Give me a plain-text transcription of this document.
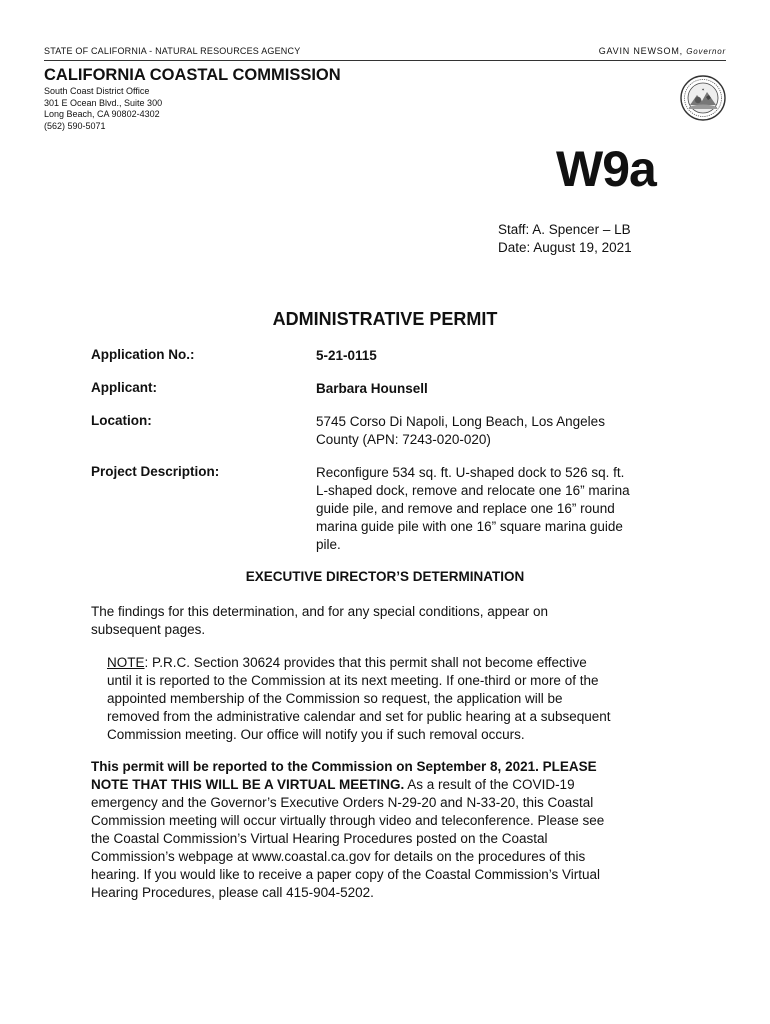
STATE OF CALIFORNIA - NATURAL RESOURCES AGENCY	GAVIN NEWSOM, Governor
CALIFORNIA COASTAL COMMISSION
South Coast District Office
301 E Ocean Blvd., Suite 300
Long Beach, CA 90802-4302
(562) 590-5071
✶
W9a
Staff: A. Spencer – LB
Date: August 19, 2021
ADMINISTRATIVE PERMIT
Application No.:	5-21-0115
Applicant:	Barbara Hounsell
Location:	5745 Corso Di Napoli, Long Beach, Los Angeles
County (APN: 7243-020-020)
Project Description:	Reconfigure 534 sq. ft. U-shaped dock to 526 sq. ft.
L-shaped dock, remove and relocate one 16” marina
guide pile, and remove and replace one 16” round
marina guide pile with one 16” square marina guide
pile.
EXECUTIVE DIRECTOR’S DETERMINATION
The findings for this determination, and for any special conditions, appear on
subsequent pages.
NOTE: P.R.C. Section 30624 provides that this permit shall not become effective
until it is reported to the Commission at its next meeting. If one-third or more of the
appointed membership of the Commission so request, the application will be
removed from the administrative calendar and set for public hearing at a subsequent
Commission meeting. Our office will notify you if such removal occurs.
This permit will be reported to the Commission on September 8, 2021. PLEASE
NOTE THAT THIS WILL BE A VIRTUAL MEETING. As a result of the COVID-19
emergency and the Governor’s Executive Orders N-29-20 and N-33-20, this Coastal
Commission meeting will occur virtually through video and teleconference. Please see
the Coastal Commission’s Virtual Hearing Procedures posted on the Coastal
Commission’s webpage at www.coastal.ca.gov for details on the procedures of this
hearing. If you would like to receive a paper copy of the Coastal Commission’s Virtual
Hearing Procedures, please call 415-904-5202.
